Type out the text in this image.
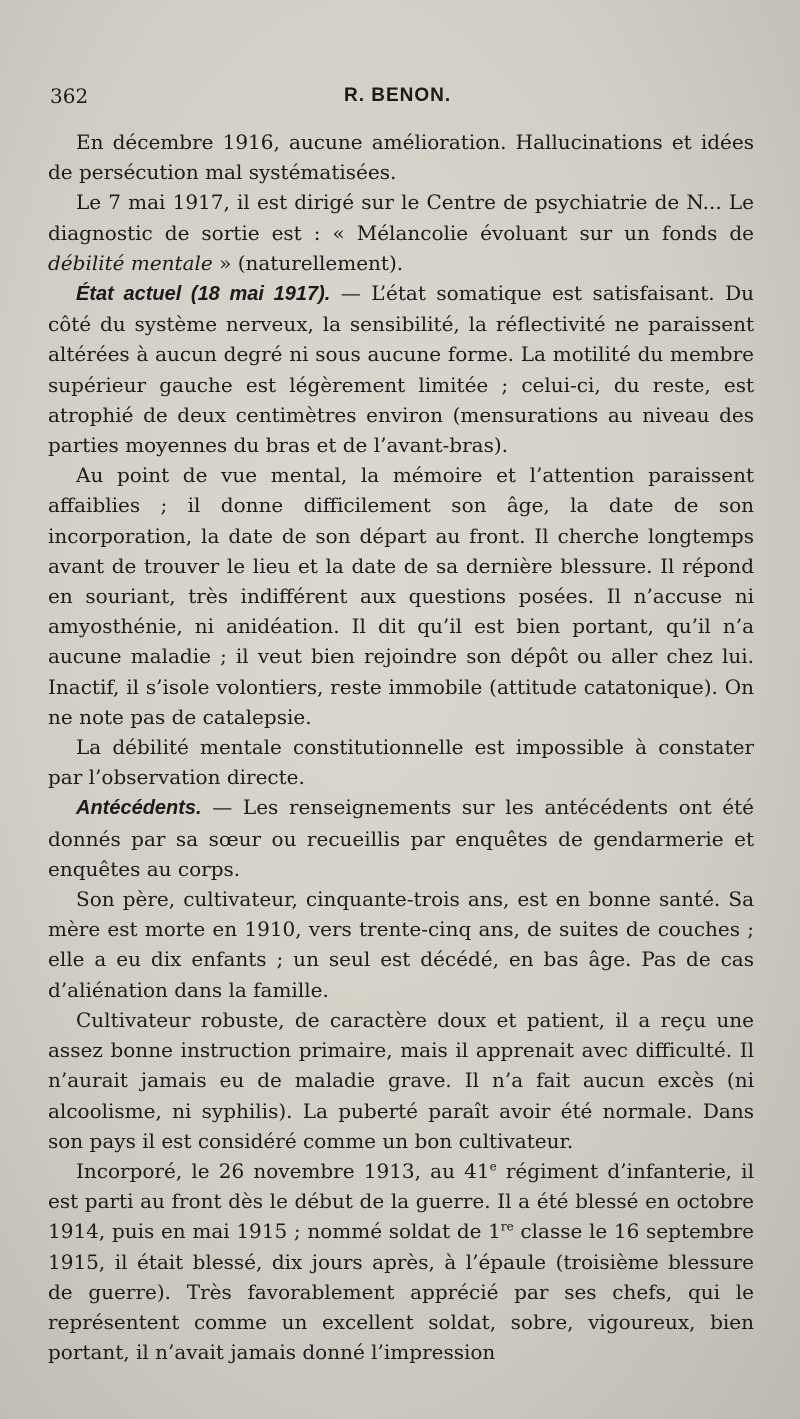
362	R. BENON.

En décembre 1916, aucune amélioration. Hallucinations et idées de persécution mal systématisées.

Le 7 mai 1917, il est dirigé sur le Centre de psychiatrie de N... Le diagnostic de sortie est : « Mélancolie évoluant sur un fonds de débilité mentale » (naturellement).

État actuel (18 mai 1917). — L’état somatique est satisfaisant. Du côté du système nerveux, la sensibilité, la réflectivité ne paraissent altérées à aucun degré ni sous aucune forme. La motilité du membre supérieur gauche est légèrement limitée ; celui-ci, du reste, est atrophié de deux centimètres environ (mensurations au niveau des parties moyennes du bras et de l’avant-bras).

Au point de vue mental, la mémoire et l’attention paraissent affaiblies ; il donne difficilement son âge, la date de son incorporation, la date de son départ au front. Il cherche longtemps avant de trouver le lieu et la date de sa dernière blessure. Il répond en souriant, très indifférent aux questions posées. Il n’accuse ni amyosthénie, ni anidéation. Il dit qu’il est bien portant, qu’il n’a aucune maladie ; il veut bien rejoindre son dépôt ou aller chez lui. Inactif, il s’isole volontiers, reste immobile (attitude catatonique). On ne note pas de catalepsie.

La débilité mentale constitutionnelle est impossible à constater par l’observation directe.

Antécédents. — Les renseignements sur les antécédents ont été donnés par sa sœur ou recueillis par enquêtes de gendarmerie et enquêtes au corps.

Son père, cultivateur, cinquante-trois ans, est en bonne santé. Sa mère est morte en 1910, vers trente-cinq ans, de suites de couches ; elle a eu dix enfants ; un seul est décédé, en bas âge. Pas de cas d’aliénation dans la famille.

Cultivateur robuste, de caractère doux et patient, il a reçu une assez bonne instruction primaire, mais il apprenait avec difficulté. Il n’aurait jamais eu de maladie grave. Il n’a fait aucun excès (ni alcoolisme, ni syphilis). La puberté paraît avoir été normale. Dans son pays il est considéré comme un bon cultivateur.

Incorporé, le 26 novembre 1913, au 41e régiment d’infanterie, il est parti au front dès le début de la guerre. Il a été blessé en octobre 1914, puis en mai 1915 ; nommé soldat de 1re classe le 16 septembre 1915, il était blessé, dix jours après, à l’épaule (troisième blessure de guerre). Très favorablement apprécié par ses chefs, qui le représentent comme un excellent soldat, sobre, vigoureux, bien portant, il n’avait jamais donné l’impression
